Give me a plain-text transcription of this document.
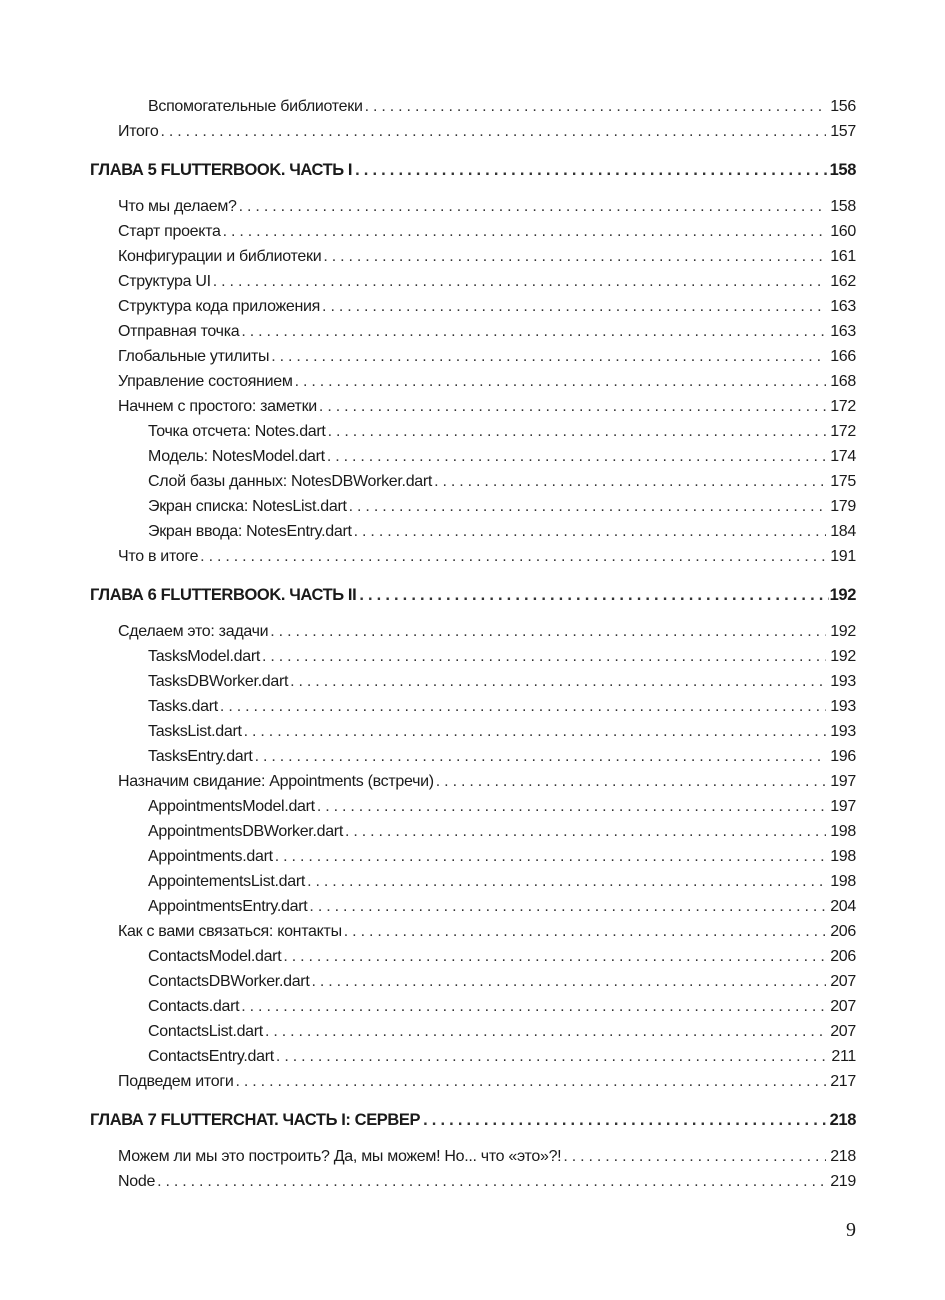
Вспомогательные библиотеки . . .	156
Итого . . .	157
ГЛАВА 5 FLUTTERBOOK. ЧАСТЬ I . . .	158
Что мы делаем? . . .	158
Старт проекта . . .	160
Конфигурации и библиотеки . . .	161
Структура UI . . .	162
Структура кода приложения . . .	163
Отправная точка . . .	163
Глобальные утилиты . . .	166
Управление состоянием . . .	168
Начнем с простого: заметки . . .	172
Точка отсчета: Notes.dart . . .	172
Модель: NotesModel.dart . . .	174
Слой базы данных: NotesDBWorker.dart . . .	175
Экран списка: NotesList.dart . . .	179
Экран ввода: NotesEntry.dart . . .	184
Что в итоге . . .	191
ГЛАВА 6 FLUTTERBOOK. ЧАСТЬ II . . .	192
Сделаем это: задачи . . .	192
TasksModel.dart . . .	192
TasksDBWorker.dart . . .	193
Tasks.dart . . .	193
TasksList.dart . . .	193
TasksEntry.dart . . .	196
Назначим свидание: Appointments (встречи) . . .	197
AppointmentsModel.dart . . .	197
AppointmentsDBWorker.dart . . .	198
Appointments.dart . . .	198
AppointementsList.dart . . .	198
AppointmentsEntry.dart . . .	204
Как с вами связаться: контакты . . .	206
ContactsModel.dart . . .	206
ContactsDBWorker.dart . . .	207
Contacts.dart . . .	207
ContactsList.dart . . .	207
ContactsEntry.dart . . .	211
Подведем итоги . . .	217
ГЛАВА 7 FLUTTERCHAT. ЧАСТЬ I: СЕРВЕР . . .	218
Можем ли мы это построить? Да, мы можем! Но... что «это»?! . . .	218
Node . . .	219
9
